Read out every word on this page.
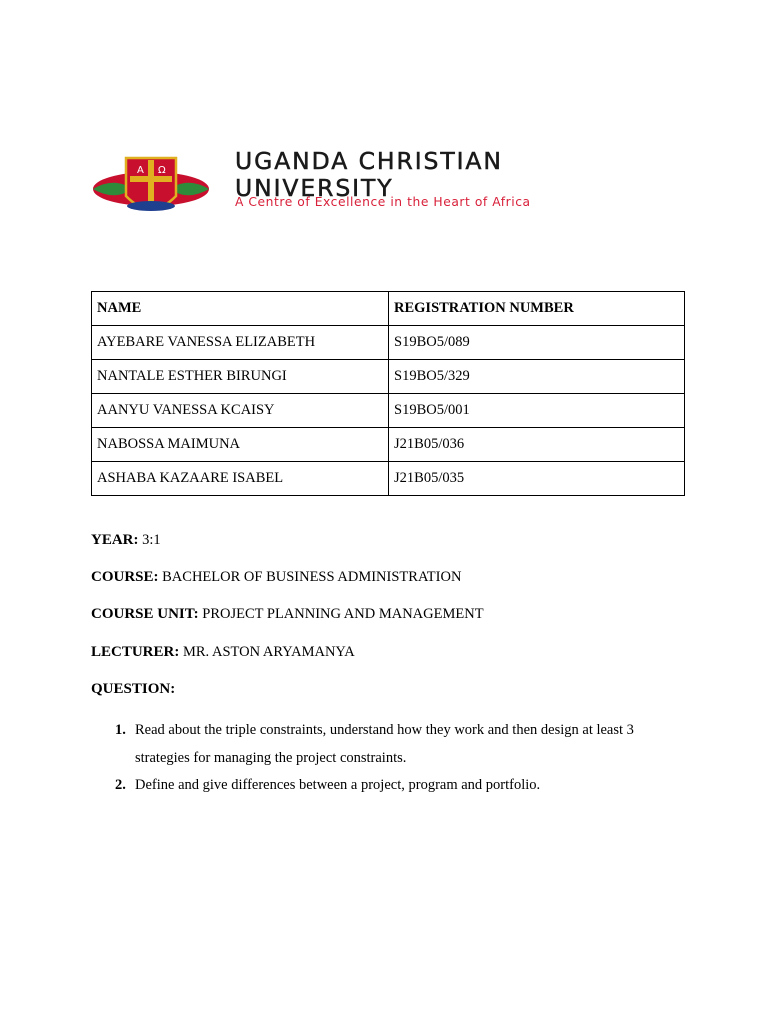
A Ω	UGANDA CHRISTIAN
UNIVERSITY
A Centre of Excellence in the Heart of Africa
NAME	REGISTRATION NUMBER
AYEBARE VANESSA ELIZABETH	S19BO5/089
NANTALE ESTHER BIRUNGI	S19BO5/329
AANYU VANESSA KCAISY	S19BO5/001
NABOSSA MAIMUNA	J21B05/036
ASHABA KAZAARE ISABEL	J21B05/035
YEAR: 3:1
COURSE: BACHELOR OF BUSINESS ADMINISTRATION
COURSE UNIT: PROJECT PLANNING AND MANAGEMENT
LECTURER: MR. ASTON ARYAMANYA
QUESTION:
1. Read about the triple constraints, understand how they work and then design at least 3 strategies for managing the project constraints.
2. Define and give differences between a project, program and portfolio.
